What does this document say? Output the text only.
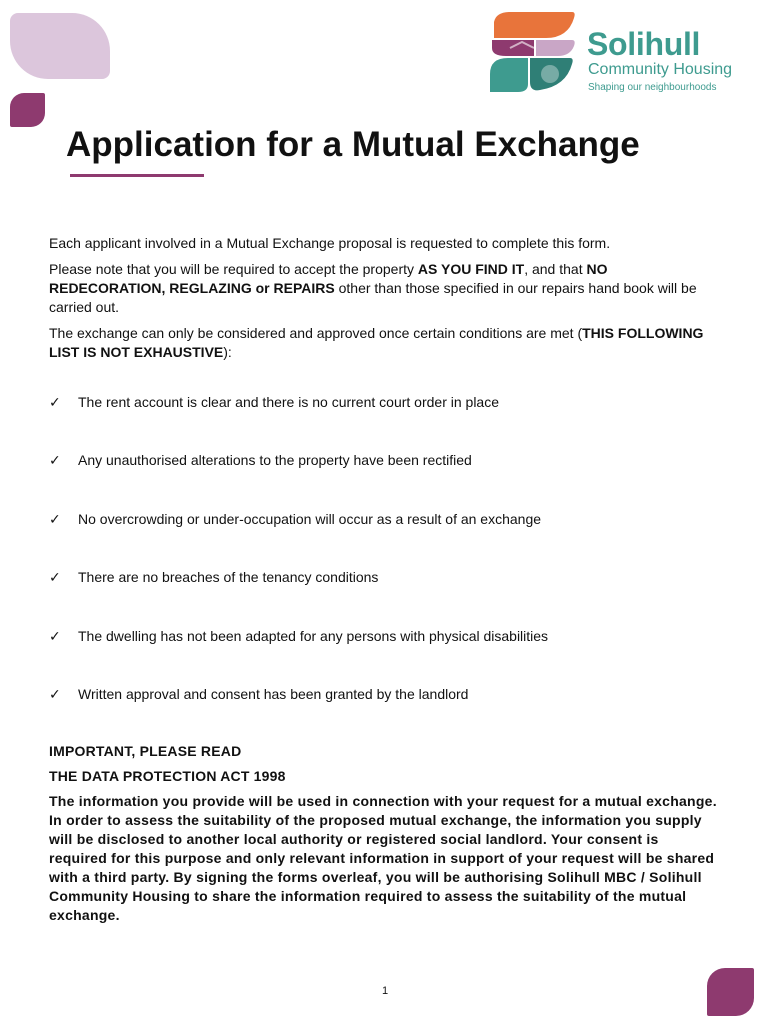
Solihull
Community Housing
Shaping our neighbourhoods
Application for a Mutual Exchange

Each applicant involved in a Mutual Exchange proposal is requested to complete this form.

Please note that you will be required to accept the property AS YOU FIND IT, and that NO REDECORATION, REGLAZING or REPAIRS other than those specified in our repairs hand book will be carried out.

The exchange can only be considered and approved once certain conditions are met (THIS FOLLOWING LIST IS NOT EXHAUSTIVE):

✓	The rent account is clear and there is no current court order in place
✓	Any unauthorised alterations to the property have been rectified
✓	No overcrowding or under-occupation will occur as a result of an exchange
✓	There are no breaches of the tenancy conditions
✓	The dwelling has not been adapted for any persons with physical disabilities
✓	Written approval and consent has been granted by the landlord

IMPORTANT, PLEASE READ

THE DATA PROTECTION ACT 1998

The information you provide will be used in connection with your request for a mutual exchange. In order to assess the suitability of the proposed mutual exchange, the information you supply will be disclosed to another local authority or registered social landlord. Your consent is required for this purpose and only relevant information in support of your request will be shared with a third party. By signing the forms overleaf, you will be authorising Solihull MBC / Solihull Community Housing to share the information required to assess the suitability of the mutual exchange.

1
